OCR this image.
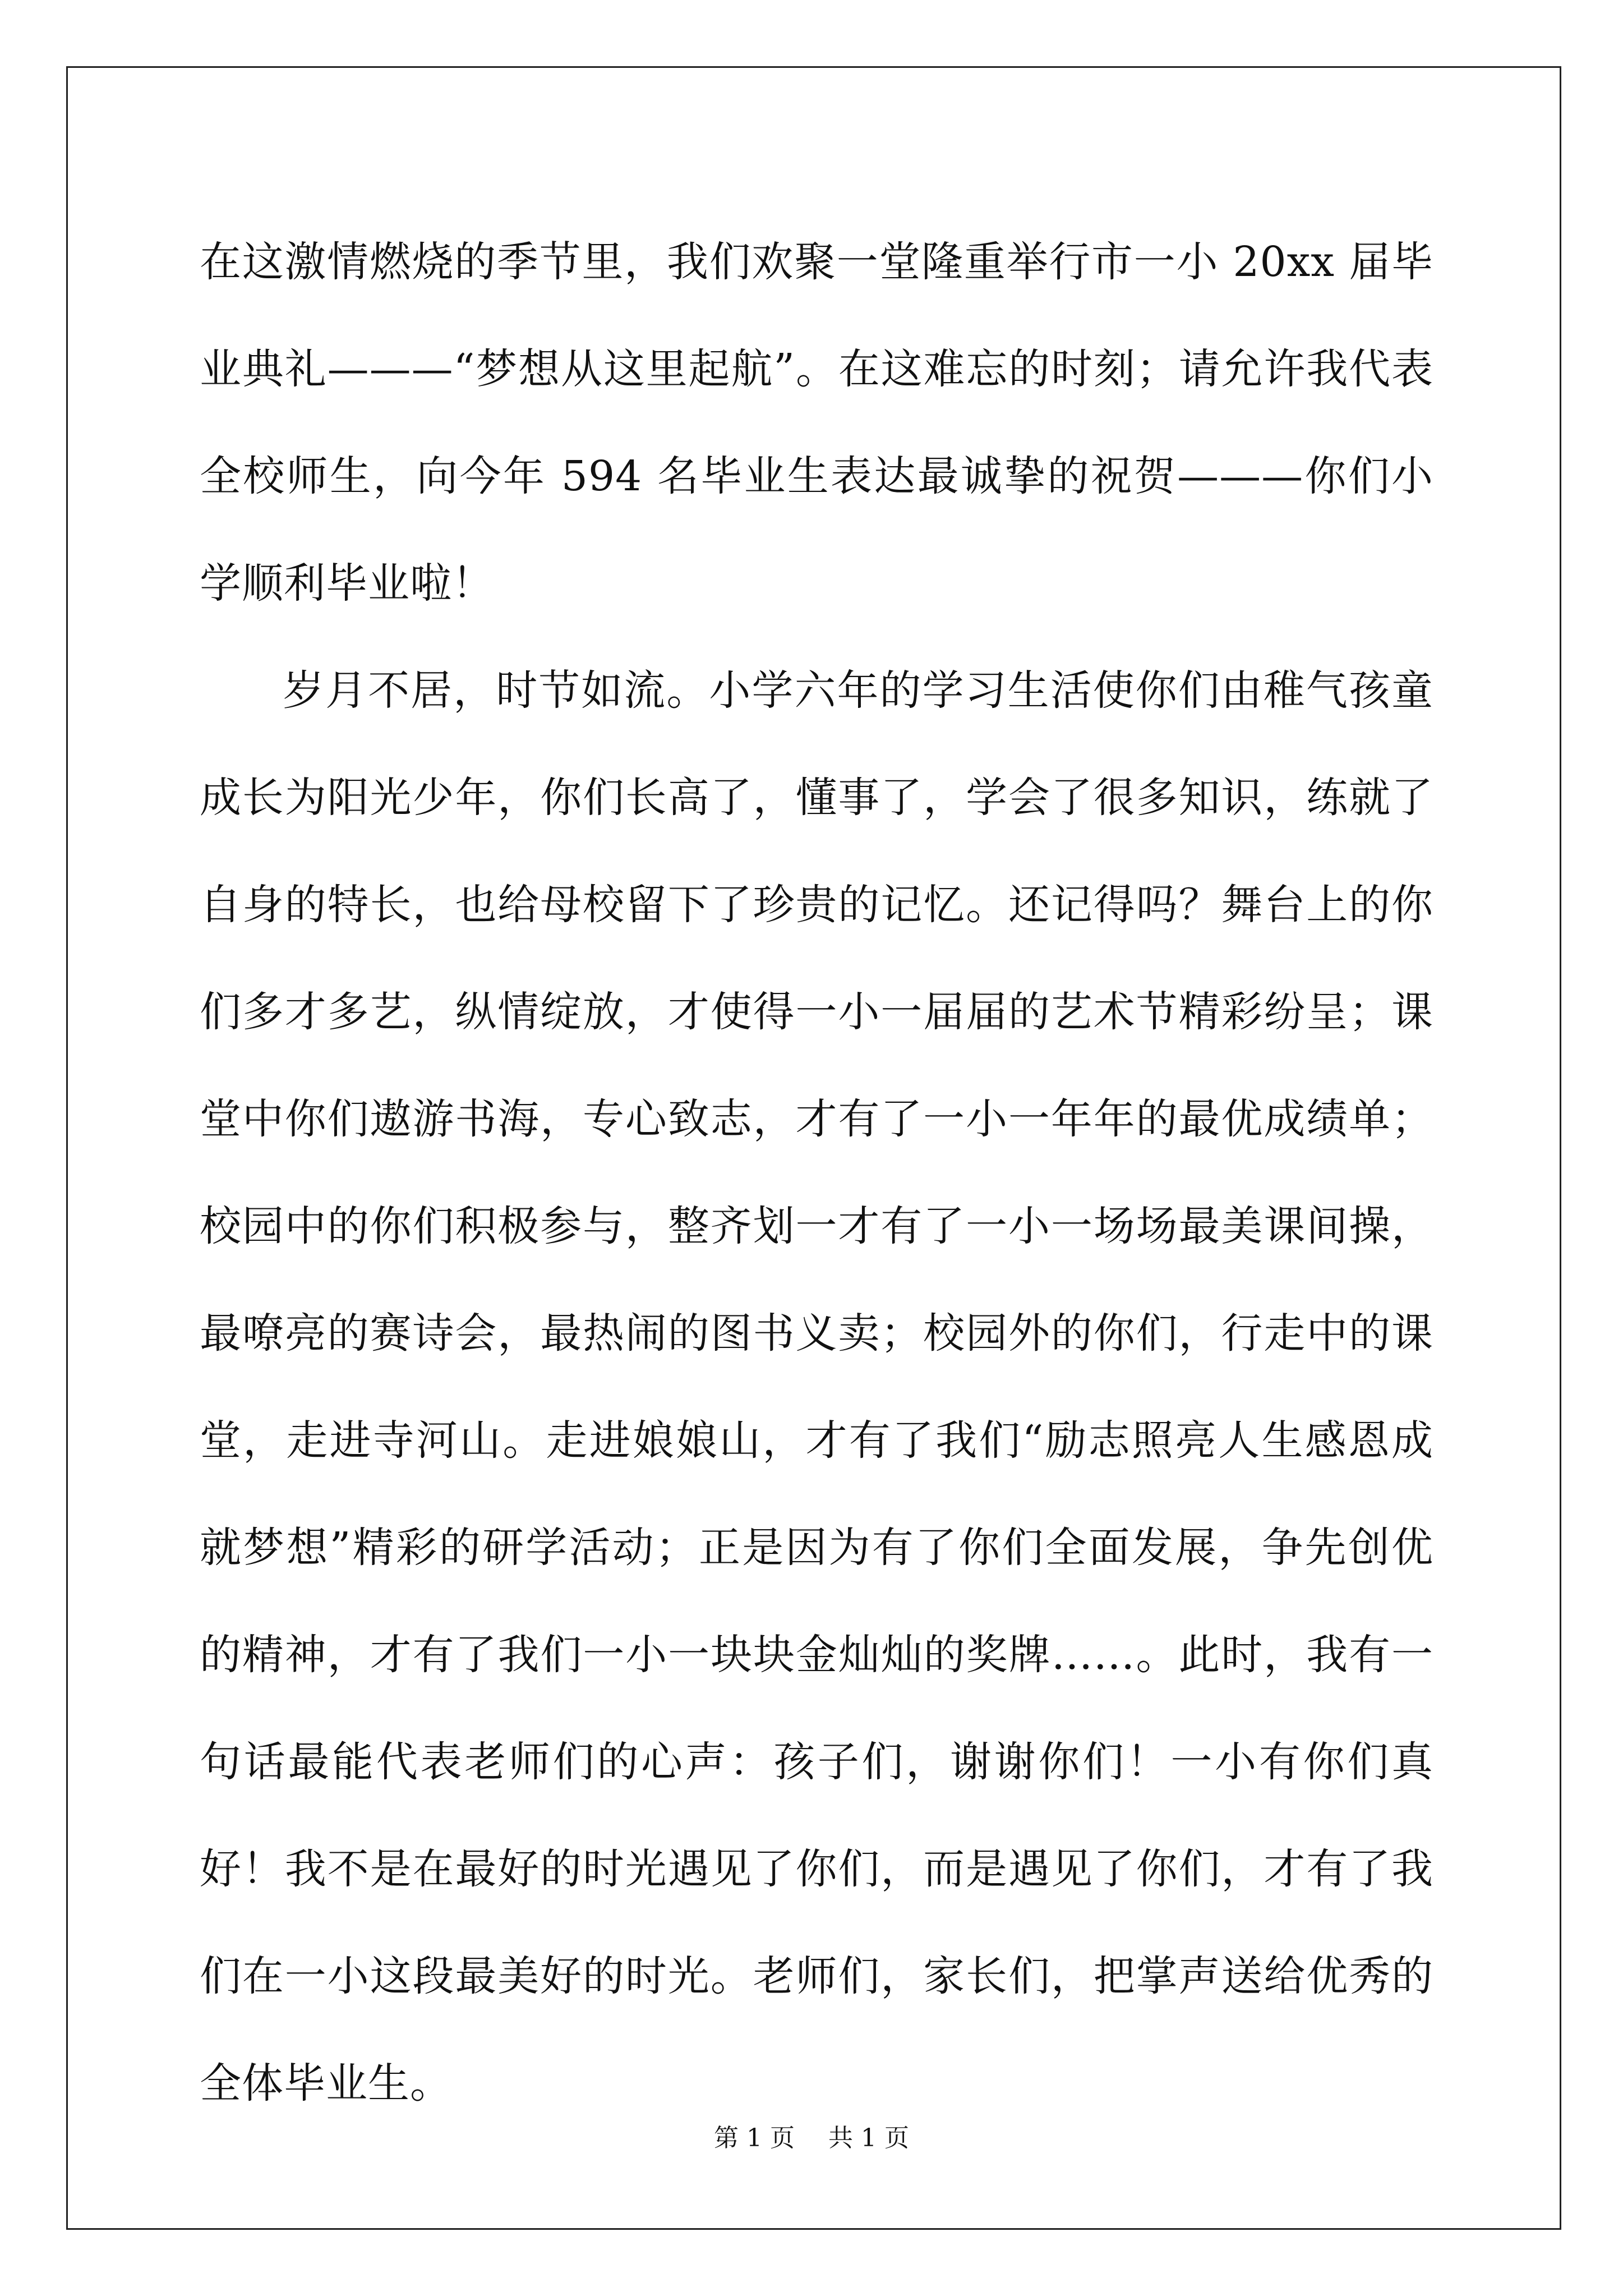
在这激情燃烧的季节里，我们欢聚一堂隆重举行市一小 20xx 届毕业典礼———“梦想从这里起航”。在这难忘的时刻；请允许我代表全校师生，向今年 594 名毕业生表达最诚挚的祝贺———你们小学顺利毕业啦！

岁月不居，时节如流。小学六年的学习生活使你们由稚气孩童成长为阳光少年，你们长高了，懂事了，学会了很多知识，练就了自身的特长，也给母校留下了珍贵的记忆。还记得吗？舞台上的你们多才多艺，纵情绽放，才使得一小一届届的艺术节精彩纷呈；课堂中你们遨游书海，专心致志，才有了一小一年年的最优成绩单；校园中的你们积极参与，整齐划一才有了一小一场场最美课间操，最嘹亮的赛诗会，最热闹的图书义卖；校园外的你们，行走中的课堂，走进寺河山。走进娘娘山，才有了我们“励志照亮人生感恩成就梦想”精彩的研学活动；正是因为有了你们全面发展，争先创优的精神，才有了我们一小一块块金灿灿的奖牌……。此时，我有一句话最能代表老师们的心声：孩子们，谢谢你们！一小有你们真好！我不是在最好的时光遇见了你们，而是遇见了你们，才有了我们在一小这段最美好的时光。老师们，家长们，把掌声送给优秀的全体毕业生。

第 1 页 共 1 页
